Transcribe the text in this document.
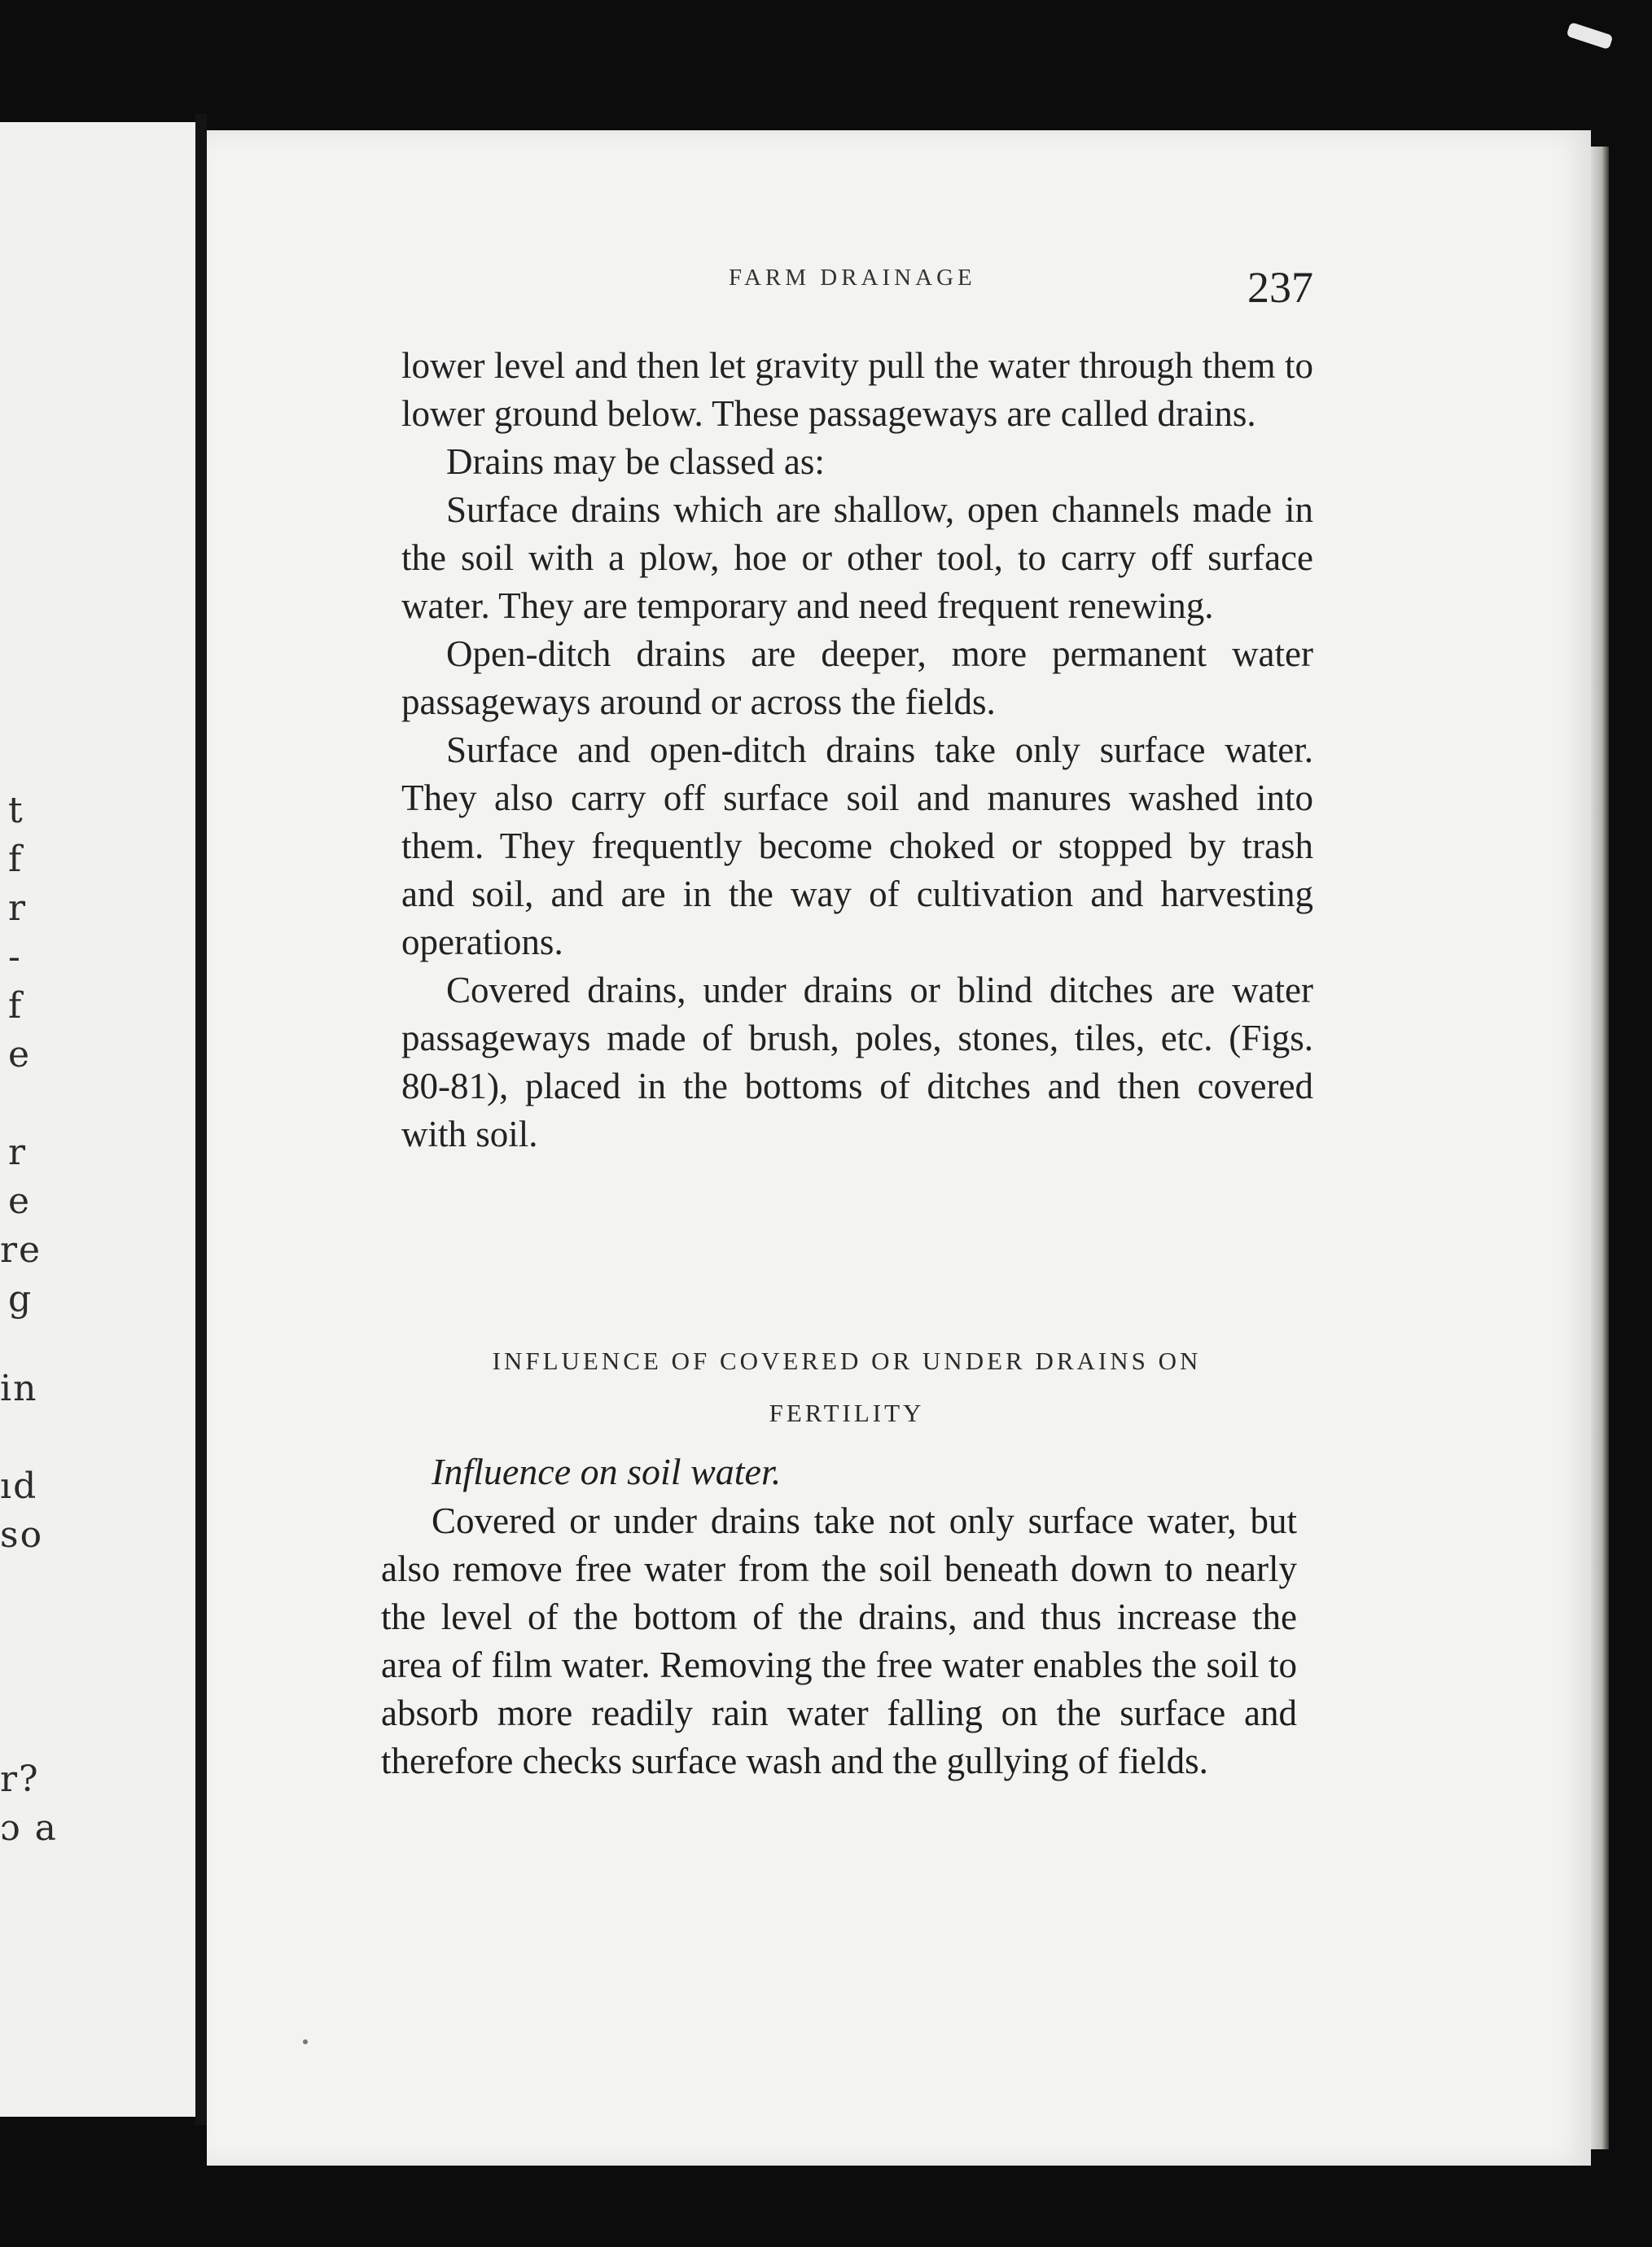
t
f
r
-
f
e
r
e
re
g
in
ıd
so
r?
ɔ a
FARM DRAINAGE	237

lower level and then let gravity pull the water through them to lower ground below. These passageways are called drains.

Drains may be classed as:

Surface drains which are shallow, open channels made in the soil with a plow, hoe or other tool, to carry off surface water. They are temporary and need frequent renewing.

Open-ditch drains are deeper, more permanent water passageways around or across the fields.

Surface and open-ditch drains take only surface water. They also carry off surface soil and manures washed into them. They frequently become choked or stopped by trash and soil, and are in the way of cultivation and harvesting operations.

Covered drains, under drains or blind ditches are water passageways made of brush, poles, stones, tiles, etc. (Figs. 80-81), placed in the bottoms of ditches and then covered with soil.

INFLUENCE OF COVERED OR UNDER DRAINS ON
FERTILITY
Influence on soil water.

Covered or under drains take not only surface water, but also remove free water from the soil beneath down to nearly the level of the bottom of the drains, and thus increase the area of film water. Removing the free water enables the soil to absorb more readily rain water falling on the surface and therefore checks surface wash and the gullying of fields.
